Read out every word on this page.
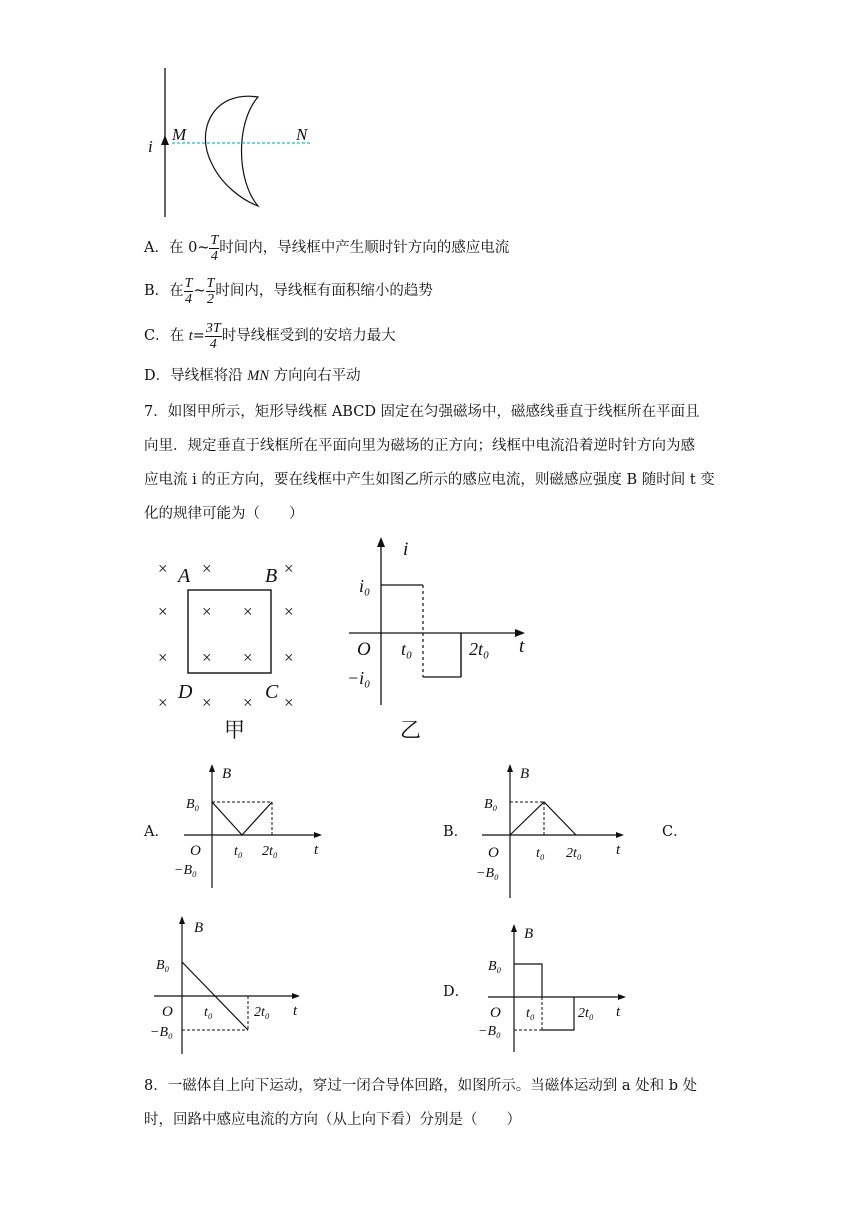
i
M	N
A．在 0~ $\frac{T}{4}$ 时间内，导线框中产生顺时针方向的感应电流
B．在 $\frac{T}{4}$ ~ $\frac{T}{2}$ 时间内，导线框有面积缩小的趋势
C．在 $t= \frac{3T}{4}$ 时导线框受到的安培力最大
D．导线框将沿 MN 方向向右平动
7．如图甲所示，矩形导线框 ABCD 固定在匀强磁场中，磁感线垂直于线框所在平面且
向里．规定垂直于线框所在平面向里为磁场的正方向；线框中电流沿着逆时针方向为感
应电流 i 的正方向，要在线框中产生如图乙所示的感应电流，则磁感应强度 B 随时间 t 变
化的规律可能为（　　）
× ×	×
× × × ×
× × × ×
× × × ×
A	B
D	C
甲
i
t
O
i₀
−i₀
t₀	2t₀
乙
A．
B
t
O
B₀
−B₀
t₀ 2t₀
B．
B
t
O
B₀
−B₀
t₀ 2t₀
C．
B
t
O
B₀
−B₀
t₀	2t₀
D．
B
t
O
B₀
−B₀
t₀	2t₀
8．一磁体自上向下运动，穿过一闭合导体回路，如图所示。当磁体运动到 a 处和 b 处
时，回路中感应电流的方向（从上向下看）分别是（　　）
